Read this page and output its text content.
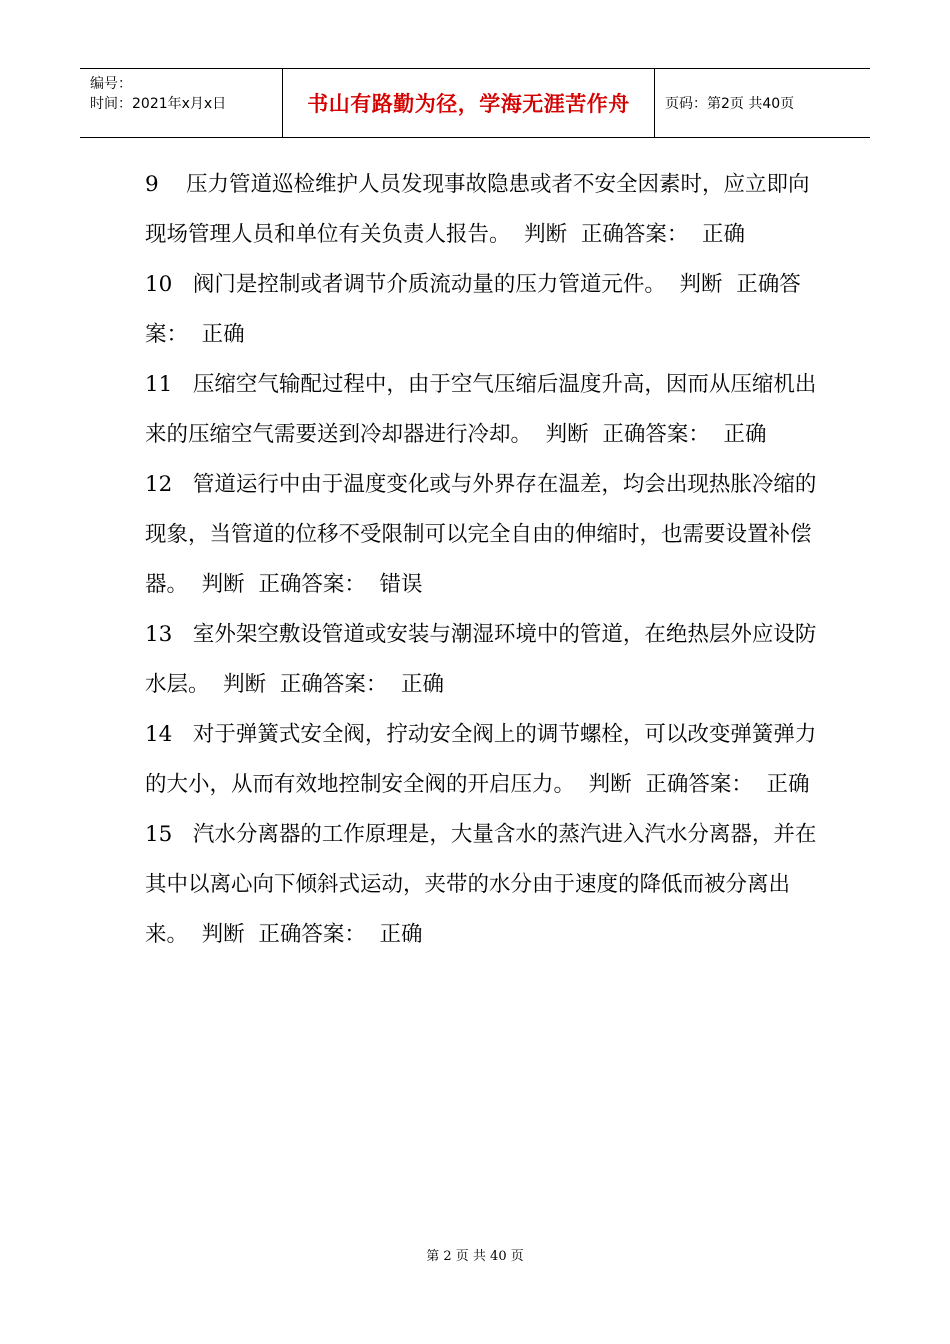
编号：
时间：2021年x月x日	书山有路勤为径，学海无涯苦作舟	页码：第2页 共40页

9    压力管道巡检维护人员发现事故隐患或者不安全因素时，应立即向现场管理人员和单位有关负责人报告。  判断  正确答案：  正确

10   阀门是控制或者调节介质流动量的压力管道元件。  判断  正确答案：  正确

11   压缩空气输配过程中，由于空气压缩后温度升高，因而从压缩机出来的压缩空气需要送到冷却器进行冷却。  判断  正确答案：  正确

12   管道运行中由于温度变化或与外界存在温差，均会出现热胀冷缩的现象，当管道的位移不受限制可以完全自由的伸缩时，也需要设置补偿器。  判断  正确答案：  错误

13   室外架空敷设管道或安装与潮湿环境中的管道，在绝热层外应设防水层。  判断  正确答案：  正确

14   对于弹簧式安全阀，拧动安全阀上的调节螺栓，可以改变弹簧弹力的大小，从而有效地控制安全阀的开启压力。  判断  正确答案：  正确

15   汽水分离器的工作原理是，大量含水的蒸汽进入汽水分离器，并在其中以离心向下倾斜式运动，夹带的水分由于速度的降低而被分离出来。  判断  正确答案：  正确

第 2 页 共 40 页
